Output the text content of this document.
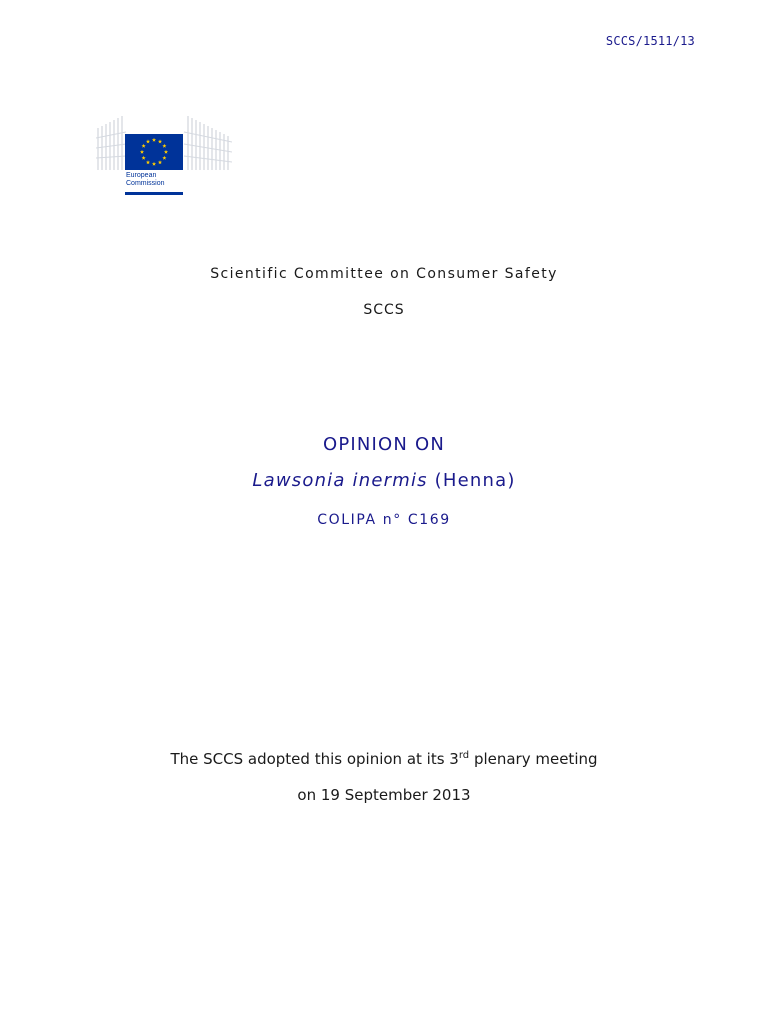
SCCS/1511/13
European
Commission
Scientific Committee on Consumer Safety
SCCS
OPINION ON
Lawsonia inermis (Henna)
COLIPA n° C169
The SCCS adopted this opinion at its 3rd plenary meeting
on 19 September 2013
